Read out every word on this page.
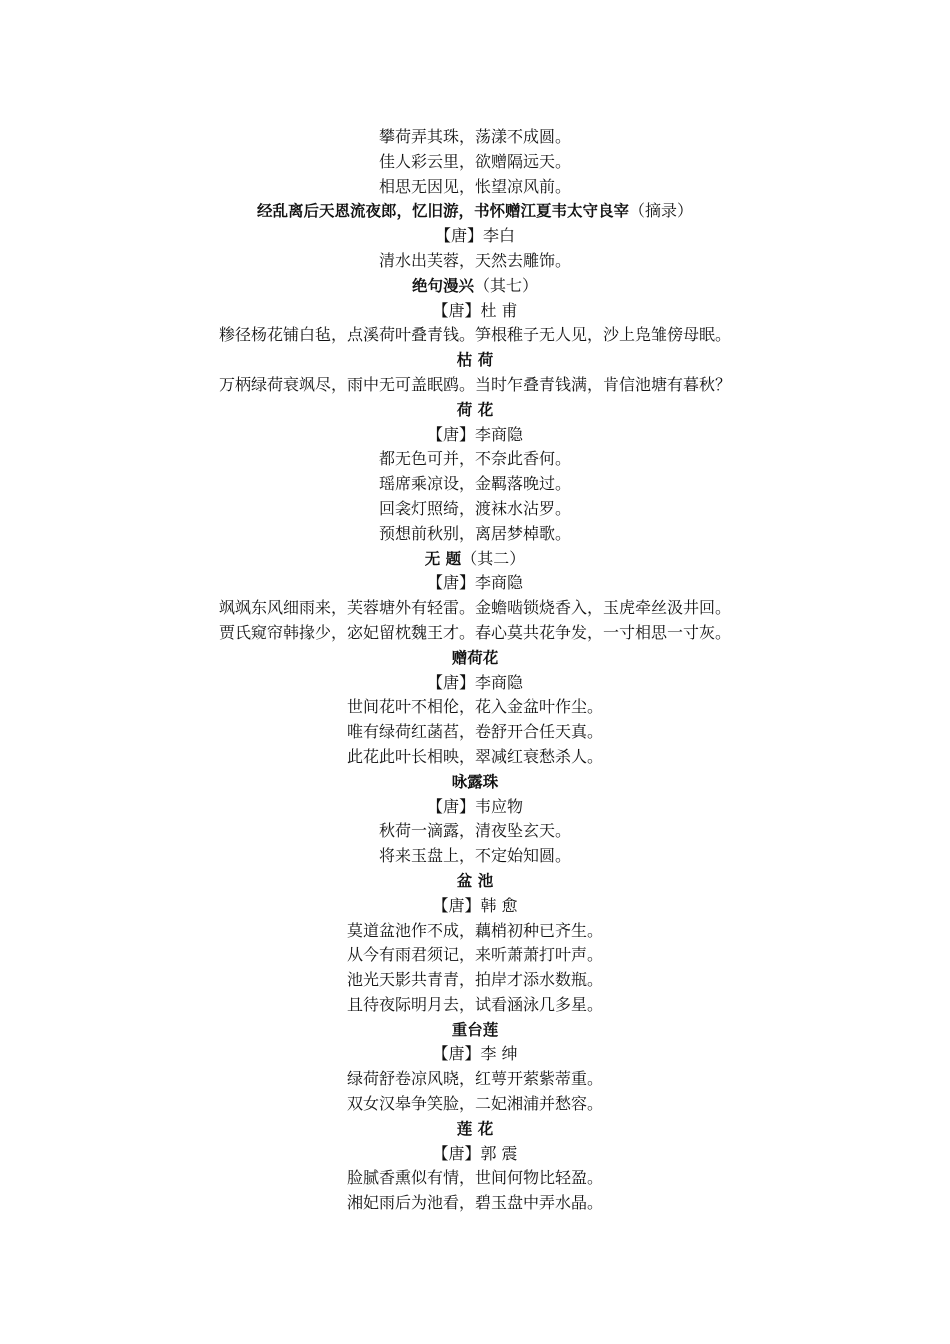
攀荷弄其珠，荡漾不成圆。
佳人彩云里，欲赠隔远天。
相思无因见，怅望凉风前。
经乱离后天恩流夜郎，忆旧游，书怀赠江夏韦太守良宰（摘录）
【唐】李白
清水出芙蓉，天然去雕饰。
绝句漫兴（其七）
【唐】杜 甫
糁径杨花铺白毡，点溪荷叶叠青钱。笋根稚子无人见，沙上凫雏傍母眠。
枯 荷
万柄绿荷衰飒尽，雨中无可盖眠鸥。当时乍叠青钱满，肯信池塘有暮秋？
荷 花
【唐】李商隐
都无色可并，不奈此香何。
瑶席乘凉设，金羁落晚过。
回衾灯照绮，渡袜水沾罗。
预想前秋别，离居梦棹歌。
无 题（其二）
【唐】李商隐
飒飒东风细雨来，芙蓉塘外有轻雷。金蟾啮锁烧香入，玉虎牵丝汲井回。
贾氏窥帘韩掾少，宓妃留枕魏王才。春心莫共花争发，一寸相思一寸灰。
赠荷花
【唐】李商隐
世间花叶不相伦，花入金盆叶作尘。
唯有绿荷红菡萏，卷舒开合任天真。
此花此叶长相映，翠减红衰愁杀人。
咏露珠
【唐】韦应物
秋荷一滴露，清夜坠玄天。
将来玉盘上，不定始知圆。
盆 池
【唐】韩 愈
莫道盆池作不成，藕梢初种已齐生。
从今有雨君须记，来听萧萧打叶声。
池光天影共青青，拍岸才添水数瓶。
且待夜际明月去，试看涵泳几多星。
重台莲
【唐】李 绅
绿荷舒卷凉风晓，红萼开萦紫蒂重。
双女汉皋争笑脸，二妃湘浦并愁容。
莲 花
【唐】郭 震
脸腻香熏似有情，世间何物比轻盈。
湘妃雨后为池看，碧玉盘中弄水晶。
